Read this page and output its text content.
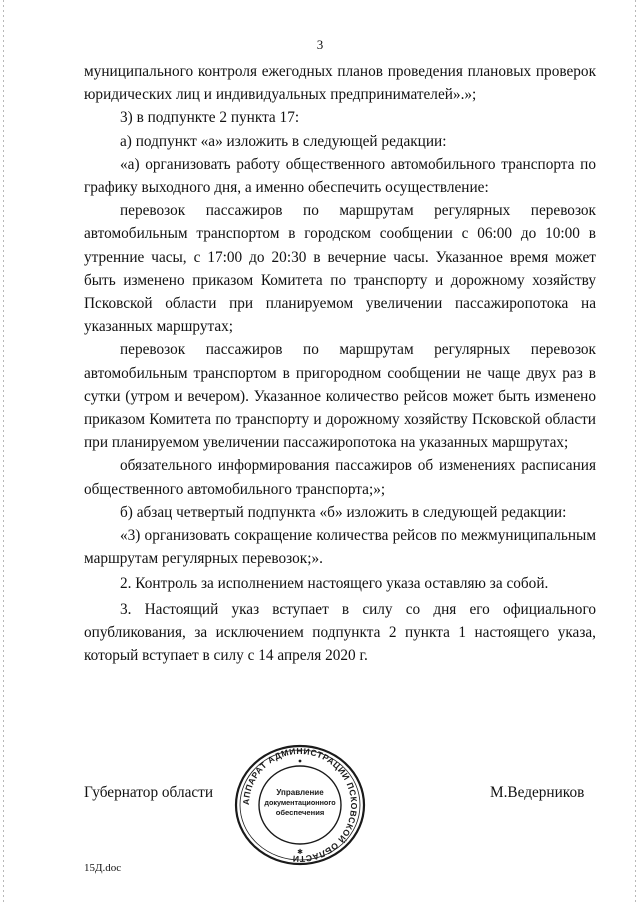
3

муниципального контроля ежегодных планов проведения плановых проверок юридических лиц и индивидуальных предпринимателей».»;

3) в подпункте 2 пункта 17:

а) подпункт «а» изложить в следующей редакции:

«а) организовать работу общественного автомобильного транспорта по графику выходного дня, а именно обеспечить осуществление:

перевозок пассажиров по маршрутам регулярных перевозок автомобильным транспортом в городском сообщении с 06:00 до 10:00 в утренние часы, с 17:00 до 20:30 в вечерние часы. Указанное время может быть изменено приказом Комитета по транспорту и дорожному хозяйству Псковской области при планируемом увеличении пассажиропотока на указанных маршрутах;

перевозок пассажиров по маршрутам регулярных перевозок автомобильным транспортом в пригородном сообщении не чаще двух раз в сутки (утром и вечером). Указанное количество рейсов может быть изменено приказом Комитета по транспорту и дорожному хозяйству Псковской области при планируемом увеличении пассажиропотока на указанных маршрутах;

обязательного информирования пассажиров об изменениях расписания общественного автомобильного транспорта;»;

б) абзац четвертый подпункта «б» изложить в следующей редакции:

«3) организовать сокращение количества рейсов по межмуниципальным маршрутам регулярных перевозок;».

2. Контроль за исполнением настоящего указа оставляю за собой.

3. Настоящий указ вступает в силу со дня его официального опубликования, за исключением подпункта 2 пункта 1 настоящего указа, который вступает в силу с 14 апреля 2020 г.

Губернатор области	М.Ведерников
АППАРАТ АДМИНИСТРАЦИИ ПСКОВСКОЙ ОБЛАСТИ
Управление
документационного
обеспечения
✱
15Д.doc
